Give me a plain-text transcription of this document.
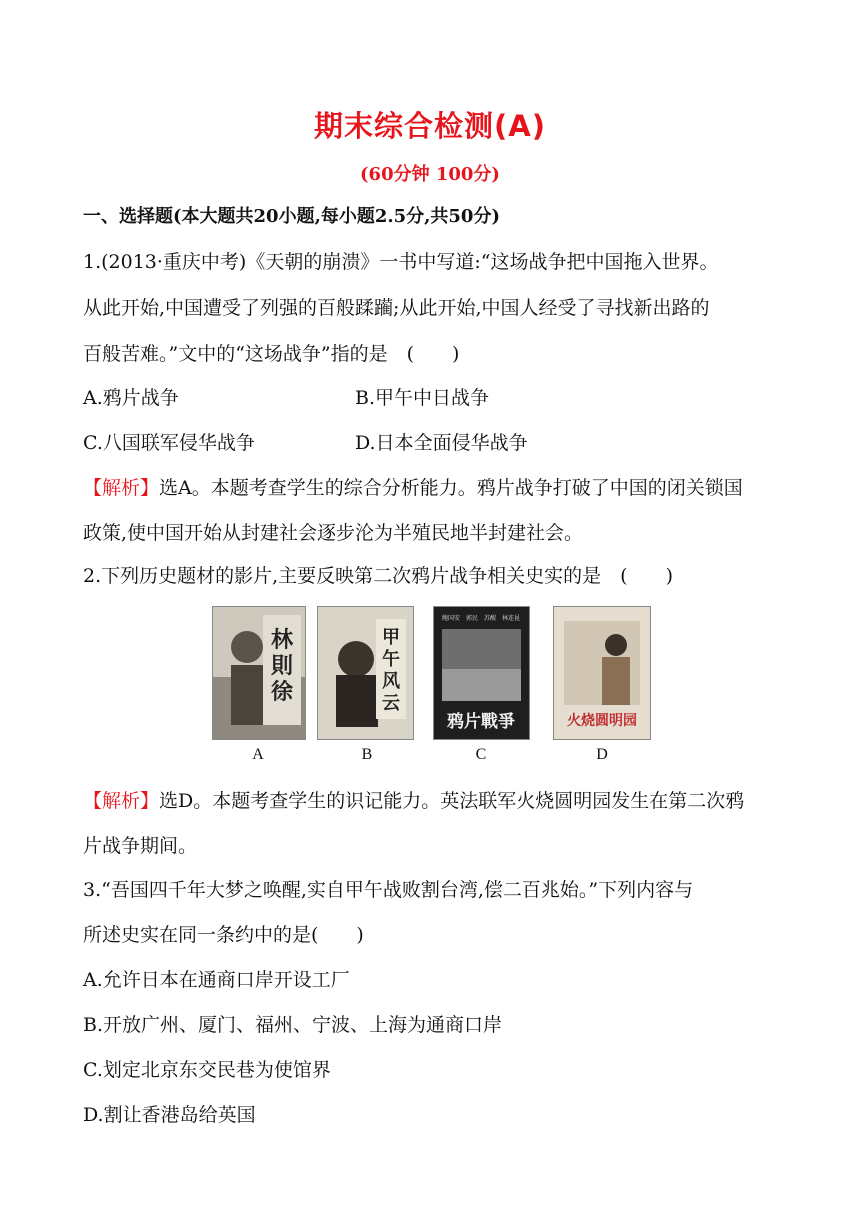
期末综合检测(A)
(60分钟 100分)
一、选择题(本大题共20小题,每小题2.5分,共50分)
1.(2013·重庆中考)《天朝的崩溃》一书中写道:“这场战争把中国拖入世界。
从此开始,中国遭受了列强的百般蹂躏;从此开始,中国人经受了寻找新出路的
百般苦难。”文中的“这场战争”指的是　(　　)
A.鸦片战争	B.甲午中日战争
C.八国联军侵华战争	D.日本全面侵华战争
【解析】选A。本题考查学生的综合分析能力。鸦片战争打破了中国的闭关锁国
政策,使中国开始从封建社会逐步沦为半殖民地半封建社会。
2.下列历史题材的影片,主要反映第二次鸦片战争相关史实的是　(　　)
林
則
徐
A
甲
午
风
云
B
鲍国安　郭民　苏醒　林连昆
鸦片戰爭
C
火烧圆明园
D
【解析】选D。本题考查学生的识记能力。英法联军火烧圆明园发生在第二次鸦
片战争期间。
3.“吾国四千年大梦之唤醒,实自甲午战败割台湾,偿二百兆始。”下列内容与
所述史实在同一条约中的是(　　)
A.允许日本在通商口岸开设工厂
B.开放广州、厦门、福州、宁波、上海为通商口岸
C.划定北京东交民巷为使馆界
D.割让香港岛给英国
